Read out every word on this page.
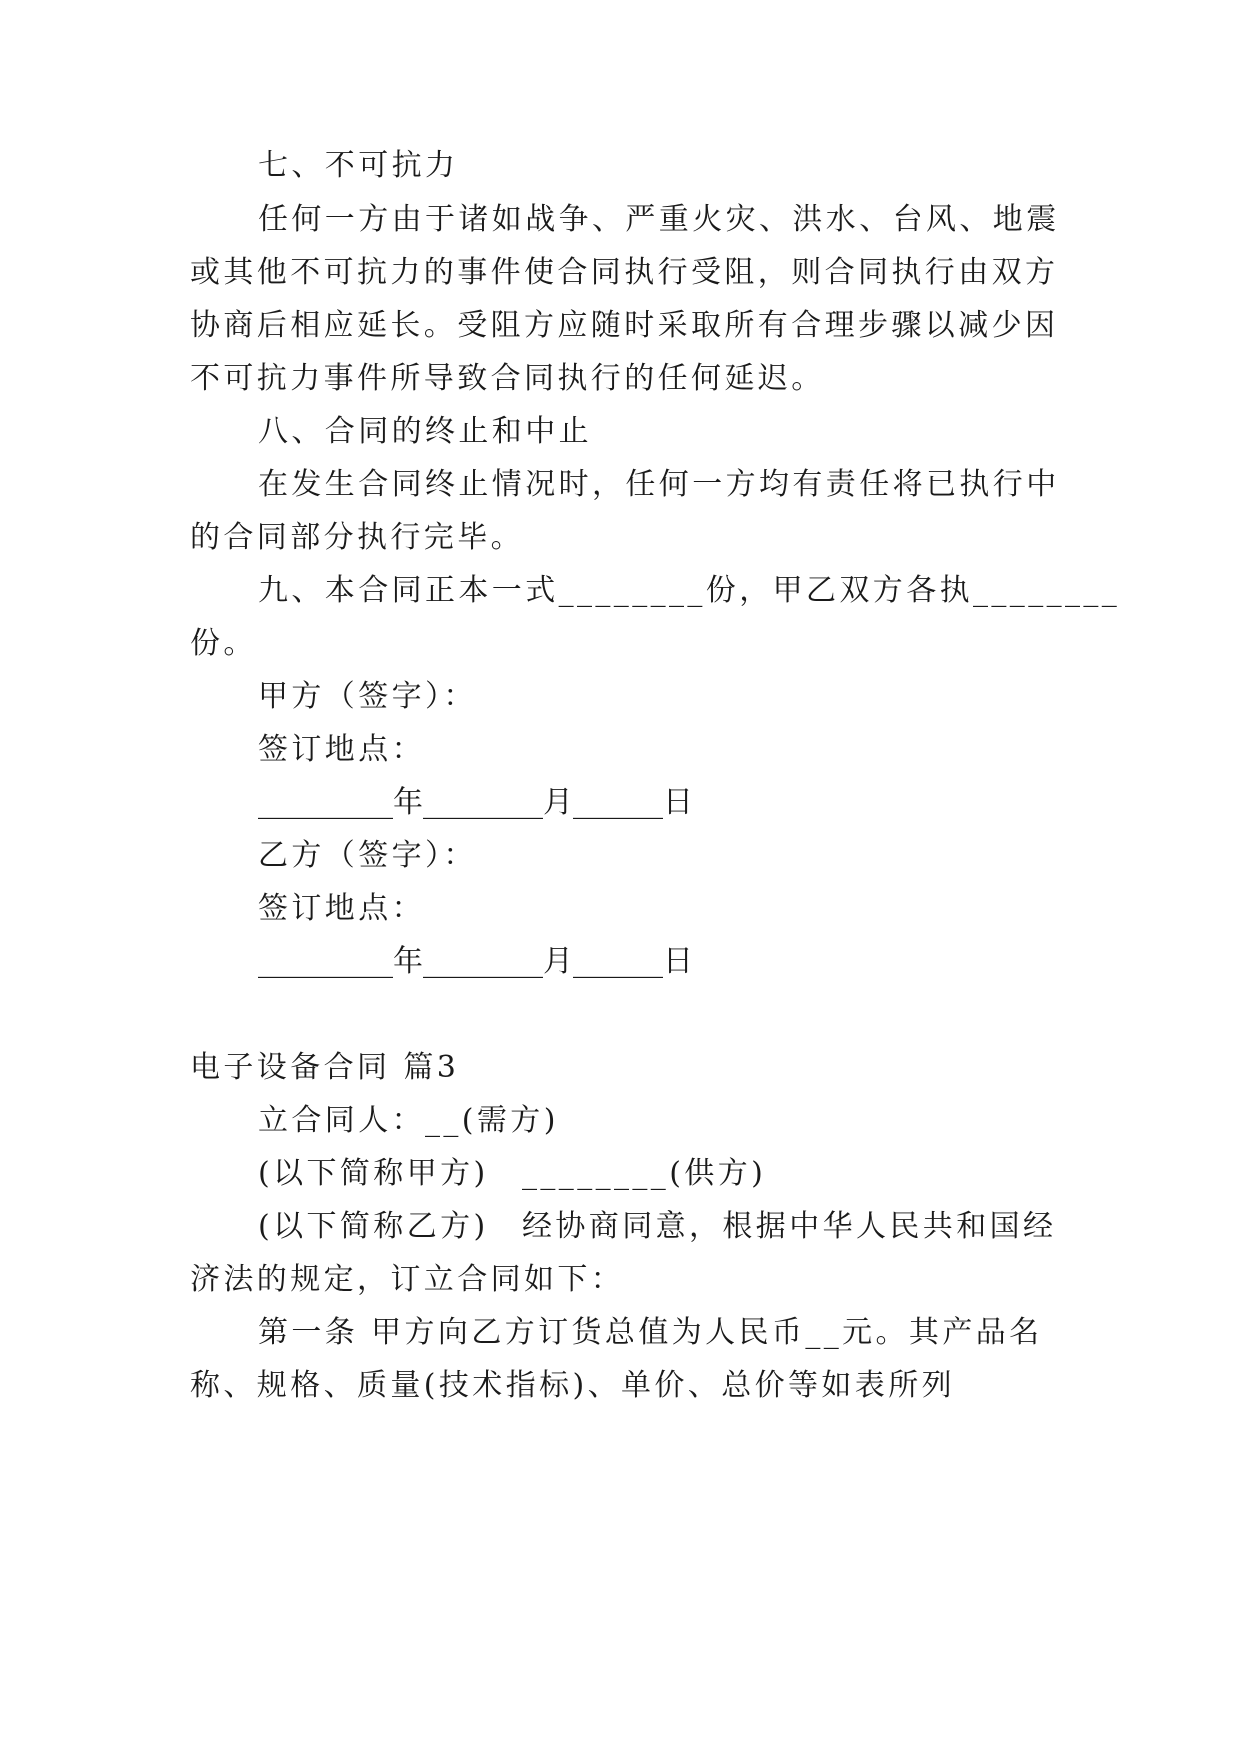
七、不可抗力
任何一方由于诸如战争、严重火灾、洪水、台风、地震
或其他不可抗力的事件使合同执行受阻，则合同执行由双方
协商后相应延长。受阻方应随时采取所有合理步骤以减少因
不可抗力事件所导致合同执行的任何延迟。
八、合同的终止和中止
在发生合同终止情况时，任何一方均有责任将已执行中
的合同部分执行完毕。
九、本合同正本一式________份，甲乙双方各执________
份。
甲方（签字）：
签订地点：
_________年________月______日
乙方（签字）：
签订地点：
_________年________月______日
电子设备合同 篇3
立合同人：__(需方)
(以下简称甲方)　________(供方)
(以下简称乙方)　经协商同意，根据中华人民共和国经
济法的规定，订立合同如下：
第一条 甲方向乙方订货总值为人民币__元。其产品名
称、规格、质量(技术指标)、单价、总价等如表所列
